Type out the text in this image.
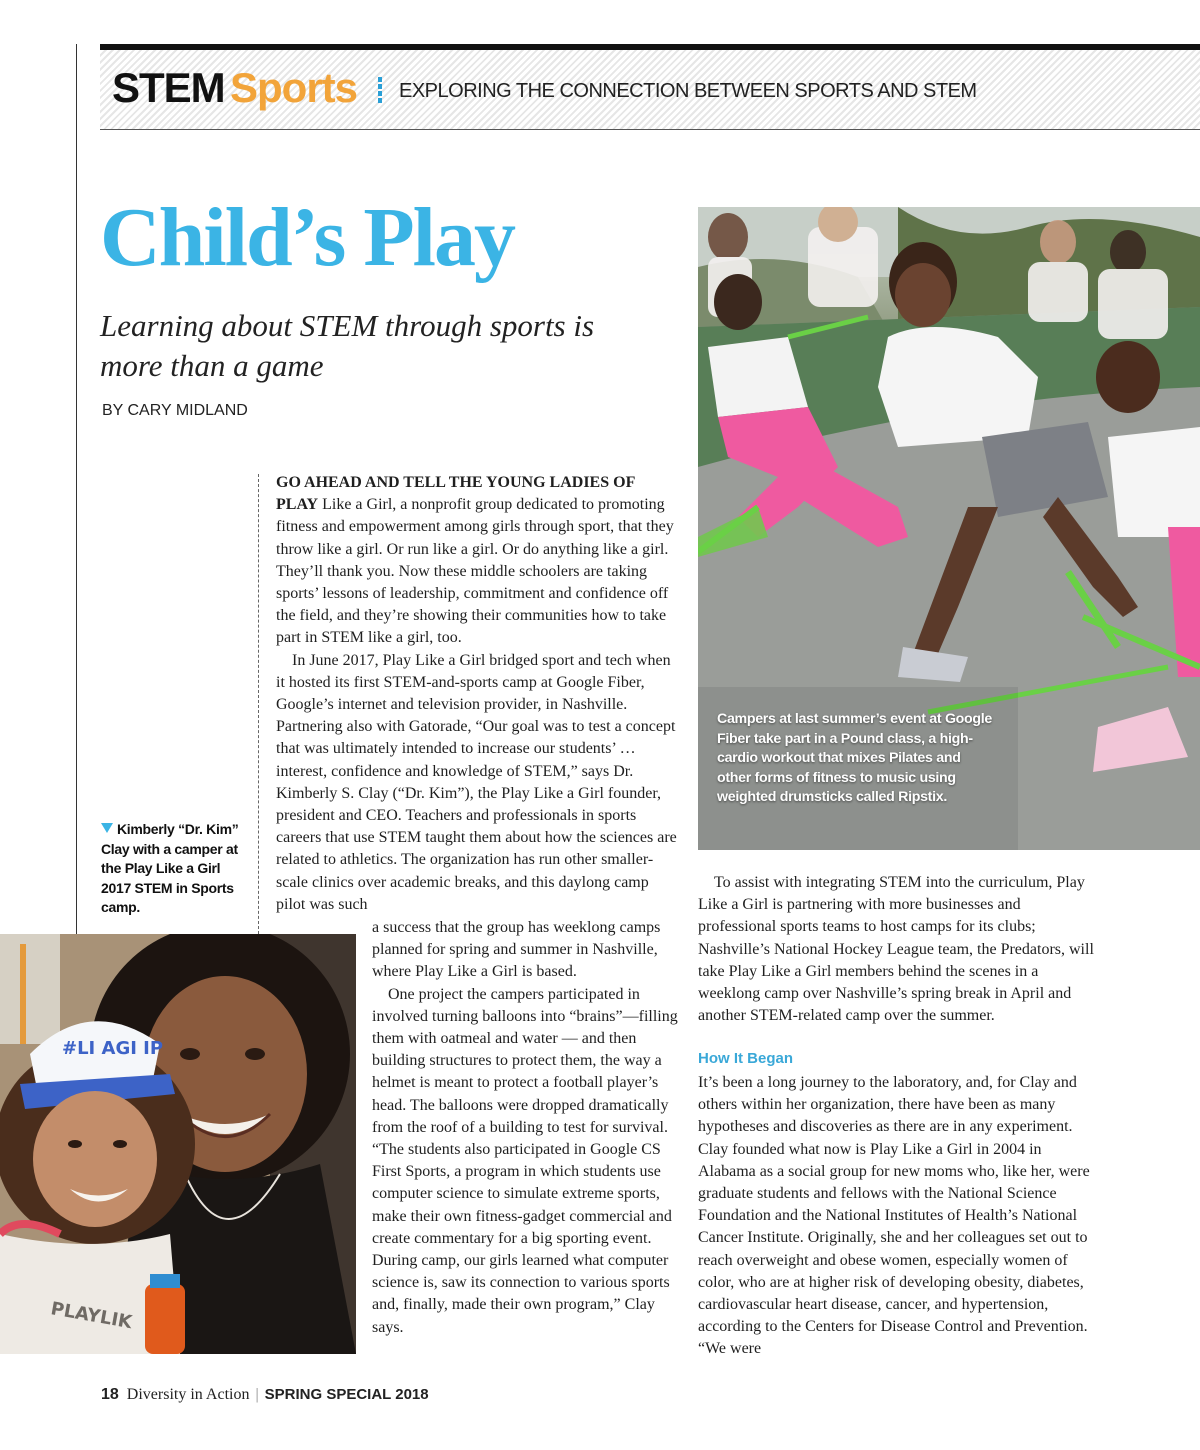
STEM Sports EXPLORING THE CONNECTION BETWEEN SPORTS AND STEM
Child’s Play
Learning about STEM through sports is more than a game
BY CARY MIDLAND

GO AHEAD AND TELL THE YOUNG LADIES OF PLAY Like a Girl, a nonprofit group dedicated to promoting fitness and empowerment among girls through sport, that they throw like a girl. Or run like a girl. Or do anything like a girl. They’ll thank you. Now these middle schoolers are taking sports’ lessons of leadership, commitment and confidence off the field, and they’re showing their communities how to take part in STEM like a girl, too.

In June 2017, Play Like a Girl bridged sport and tech when it hosted its first STEM-and-sports camp at Google Fiber, Google’s internet and television provider, in Nashville. Partnering also with Gatorade, “Our goal was to test a concept that was ultimately intended to increase our students’ … interest, confidence and knowledge of STEM,” says Dr. Kimberly S. Clay (“Dr. Kim”), the Play Like a Girl founder, president and CEO. Teachers and professionals in sports careers that use STEM taught them about how the sciences are related to athletics. The organization has run other smaller-scale clinics over academic breaks, and this daylong camp pilot was such

a success that the group has weeklong camps planned for spring and summer in Nashville, where Play Like a Girl is based.

One project the campers participated in involved turning balloons into “brains”—filling them with oatmeal and water — and then building structures to protect them, the way a helmet is meant to protect a football player’s head. The balloons were dropped dramatically from the roof of a building to test for survival. “The students also participated in Google CS First Sports, a program in which students use computer science to simulate extreme sports, make their own fitness-gadget commercial and create commentary for a big sporting event. During camp, our girls learned what computer science is, saw its connection to various sports and, finally, made their own program,” Clay says.

Kimberly “Dr. Kim” Clay with a camper at the Play Like a Girl 2017 STEM in Sports camp.
Campers at last summer’s event at Google Fiber take part in a Pound class, a high-cardio workout that mixes Pilates and other forms of fitness to music using weighted drumsticks called Ripstix.
#LI AGI IP
PLAYLIK

To assist with integrating STEM into the curriculum, Play Like a Girl is partnering with more businesses and professional sports teams to host camps for its clubs; Nashville’s National Hockey League team, the Predators, will take Play Like a Girl members behind the scenes in a weeklong camp over Nashville’s spring break in April and another STEM-related camp over the summer.

How It Began

It’s been a long journey to the laboratory, and, for Clay and others within her organization, there have been as many hypotheses and discoveries as there are in any experiment. Clay founded what now is Play Like a Girl in 2004 in Alabama as a social group for new moms who, like her, were graduate students and fellows with the National Science Foundation and the National Institutes of Health’s National Cancer Institute. Originally, she and her colleagues set out to reach overweight and obese women, especially women of color, who are at higher risk of developing obesity, diabetes, cardiovascular heart disease, cancer, and hypertension, according to the Centers for Disease Control and Prevention. “We were

18 Diversity in Action | SPRING SPECIAL 2018
